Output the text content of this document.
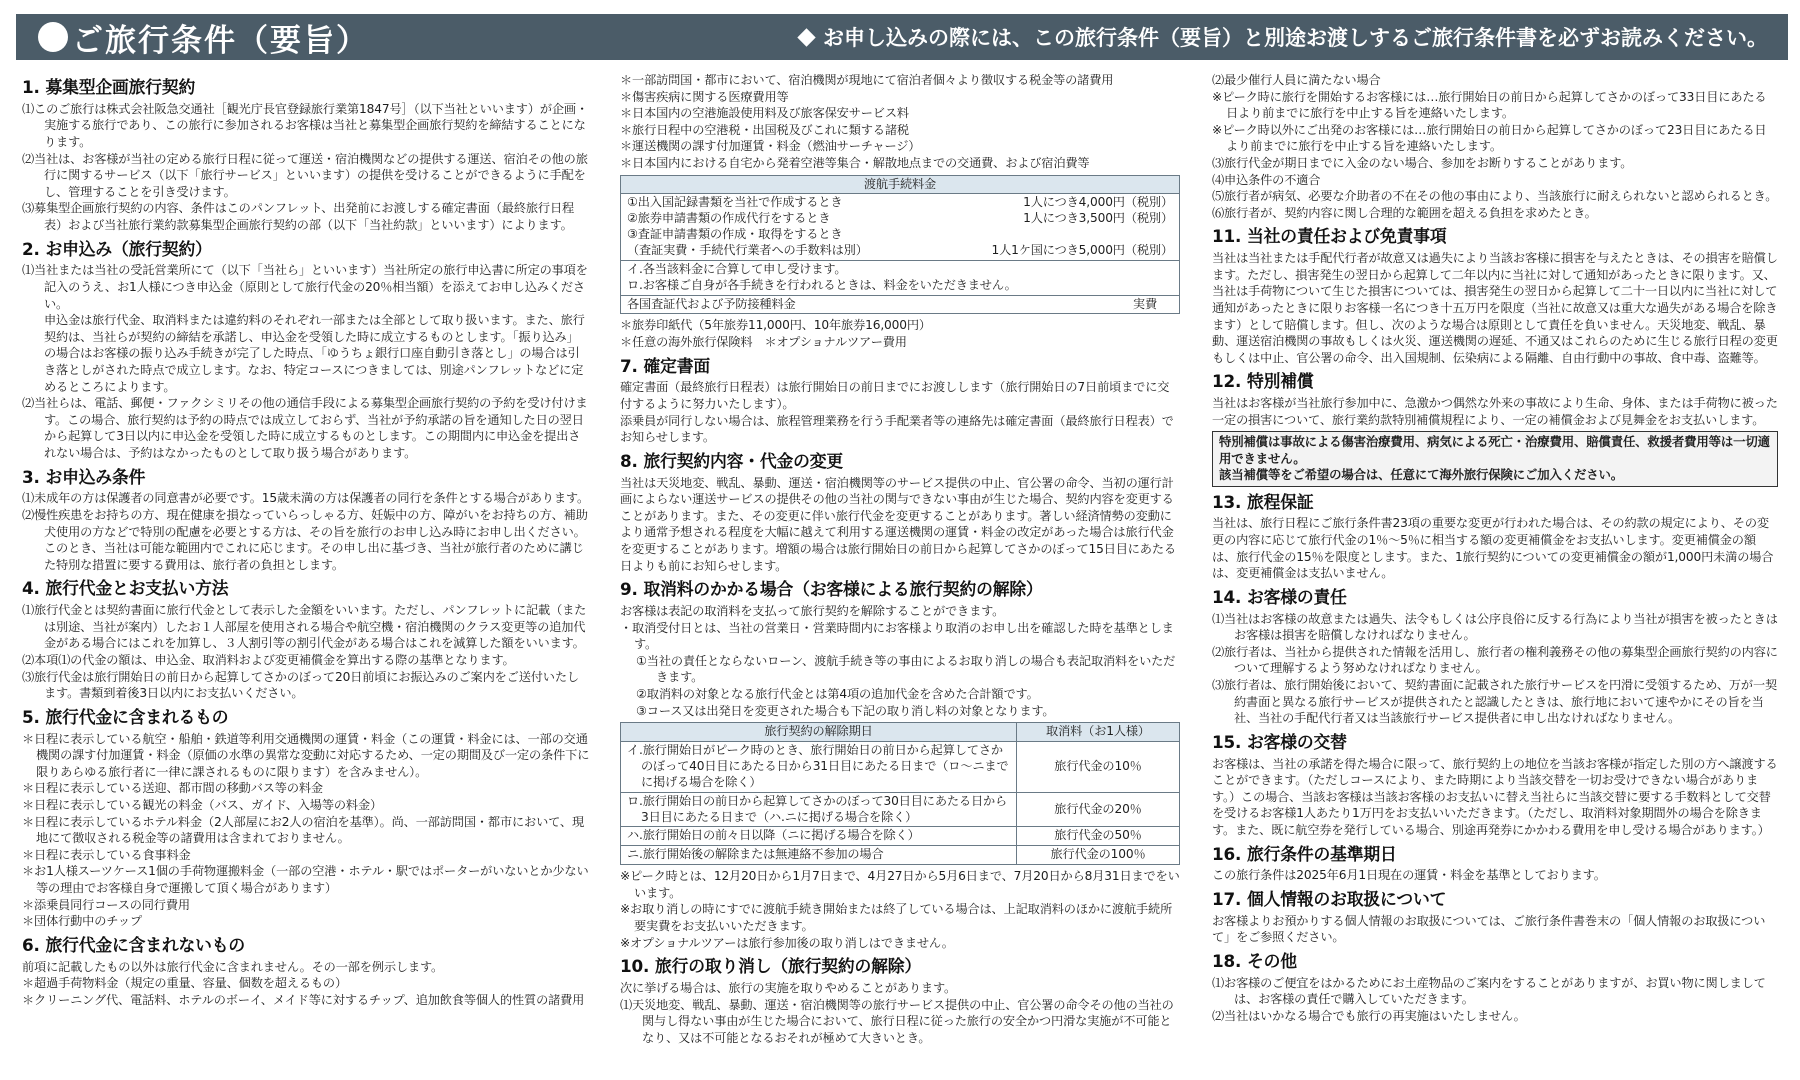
ご旅行条件（要旨）	お申し込みの際には、この旅行条件（要旨）と別途お渡しするご旅行条件書を必ずお読みください。
1. 募集型企画旅行契約

⑴このご旅行は株式会社阪急交通社［観光庁長官登録旅行業第1847号］（以下当社といいます）が企画・実施する旅行であり、この旅行に参加されるお客様は当社と募集型企画旅行契約を締結することになります。

⑵当社は、お客様が当社の定める旅行日程に従って運送・宿泊機関などの提供する運送、宿泊その他の旅行に関するサービス（以下「旅行サービス」といいます）の提供を受けることができるように手配をし、管理することを引き受けます。

⑶募集型企画旅行契約の内容、条件はこのパンフレット、出発前にお渡しする確定書面（最終旅行日程表）および当社旅行業約款募集型企画旅行契約の部（以下「当社約款」といいます）によります。

2. お申込み（旅行契約）

⑴当社または当社の受託営業所にて（以下「当社ら」といいます）当社所定の旅行申込書に所定の事項を記入のうえ、お1人様につき申込金（原則として旅行代金の20％相当額）を添えてお申し込みください。

申込金は旅行代金、取消料または違約料のそれぞれ一部または全部として取り扱います。また、旅行契約は、当社らが契約の締結を承諾し、申込金を受領した時に成立するものとします。「振り込み」の場合はお客様の振り込み手続きが完了した時点、「ゆうちょ銀行口座自動引き落とし」の場合は引き落としがされた時点で成立します。なお、特定コースにつきましては、別途パンフレットなどに定めるところによります。

⑵当社らは、電話、郵便・ファクシミリその他の通信手段による募集型企画旅行契約の予約を受け付けます。この場合、旅行契約は予約の時点では成立しておらず、当社が予約承諾の旨を通知した日の翌日から起算して3日以内に申込金を受領した時に成立するものとします。この期間内に申込金を提出されない場合は、予約はなかったものとして取り扱う場合があります。

3. お申込み条件

⑴未成年の方は保護者の同意書が必要です。15歳未満の方は保護者の同行を条件とする場合があります。

⑵慢性疾患をお持ちの方、現在健康を損なっていらっしゃる方、妊娠中の方、障がいをお持ちの方、補助犬使用の方などで特別の配慮を必要とする方は、その旨を旅行のお申し込み時にお申し出ください。このとき、当社は可能な範囲内でこれに応じます。その申し出に基づき、当社が旅行者のために講じた特別な措置に要する費用は、旅行者の負担とします。

4. 旅行代金とお支払い方法

⑴旅行代金とは契約書面に旅行代金として表示した金額をいいます。ただし、パンフレットに記載（または別途、当社が案内）したお１人部屋を使用される場合や航空機・宿泊機関のクラス変更等の追加代金がある場合にはこれを加算し、３人割引等の割引代金がある場合はこれを減算した額をいいます。

⑵本項⑴の代金の額は、申込金、取消料および変更補償金を算出する際の基準となります。

⑶旅行代金は旅行開始日の前日から起算してさかのぼって20日前頃にお振込みのご案内をご送付いたします。書類到着後3日以内にお支払いください。

5. 旅行代金に含まれるもの

＊日程に表示している航空・船舶・鉄道等利用交通機関の運賃・料金（この運賃・料金には、一部の交通機関の課す付加運賃・料金（原価の水準の異常な変動に対応するため、一定の期間及び一定の条件下に限りあらゆる旅行者に一律に課されるものに限ります）を含みません）。

＊日程に表示している送迎、都市間の移動バス等の料金

＊日程に表示している観光の料金（バス、ガイド、入場等の料金）

＊日程に表示しているホテル料金（2人部屋にお2人の宿泊を基準）。尚、一部訪問国・都市において、現地にて徴収される税金等の諸費用は含まれておりません。

＊日程に表示している食事料金

＊お1人様スーツケース1個の手荷物運搬料金（一部の空港・ホテル・駅ではポーターがいないとか少ない等の理由でお客様自身で運搬して頂く場合があります）

＊添乗員同行コースの同行費用

＊団体行動中のチップ

6. 旅行代金に含まれないもの

前項に記載したもの以外は旅行代金に含まれません。その一部を例示します。

＊超過手荷物料金（規定の重量、容量、個数を超えるもの）

＊クリーニング代、電話料、ホテルのボーイ、メイド等に対するチップ、追加飲食等個人的性質の諸費用

＊一部訪問国・都市において、宿泊機関が現地にて宿泊者個々より徴収する税金等の諸費用

＊傷害疾病に関する医療費用等

＊日本国内の空港施設使用料及び旅客保安サービス料

＊旅行日程中の空港税・出国税及びこれに類する諸税

＊運送機関の課す付加運賃・料金（燃油サーチャージ）

＊日本国内における自宅から発着空港等集合・解散地点までの交通費、および宿泊費等

渡航手続料金

①出入国記録書類を当社で作成するとき	1人につき4,000円（税別）
②旅券申請書類の作成代行をするとき	1人につき3,500円（税別）
③査証申請書類の作成・取得をするとき
（査証実費・手続代行業者への手数料は別）	1人1ケ国につき5,000円（税別）

イ.各当該料金に合算して申し受けます。
ロ.お客様ご自身が各手続きを行われるときは、料金をいただきません。

各国査証代および予防接種料金	実費

＊旅券印紙代（5年旅券11,000円、10年旅券16,000円）

＊任意の海外旅行保険料　＊オプショナルツアー費用

7. 確定書面

確定書面（最終旅行日程表）は旅行開始日の前日までにお渡しします（旅行開始日の7日前頃までに交付するように努力いたします）。

添乗員が同行しない場合は、旅程管理業務を行う手配業者等の連絡先は確定書面（最終旅行日程表）でお知らせします。

8. 旅行契約内容・代金の変更

当社は天災地変、戦乱、暴動、運送・宿泊機関等のサービス提供の中止、官公署の命令、当初の運行計画によらない運送サービスの提供その他の当社の関与できない事由が生じた場合、契約内容を変更することがあります。また、その変更に伴い旅行代金を変更することがあります。著しい経済情勢の変動により通常予想される程度を大幅に越えて利用する運送機関の運賃・料金の改定があった場合は旅行代金を変更することがあります。増額の場合は旅行開始日の前日から起算してさかのぼって15日目にあたる日よりも前にお知らせします。

9. 取消料のかかる場合（お客様による旅行契約の解除）

お客様は表記の取消料を支払って旅行契約を解除することができます。

・取消受付日とは、当社の営業日・営業時間内にお客様より取消のお申し出を確認した時を基準とします。

①当社の責任とならないローン、渡航手続き等の事由によるお取り消しの場合も表記取消料をいただきます。

②取消料の対象となる旅行代金とは第4項の追加代金を含めた合計額です。

③コース又は出発日を変更された場合も下記の取り消し料の対象となります。

旅行契約の解除期日	取消料（お1人様）

イ.旅行開始日がピーク時のとき、旅行開始日の前日から起算してさかのぼって40日目にあたる日から31日目にあたる日まで（ロ～ニまでに掲げる場合を除く）	旅行代金の10％

ロ.旅行開始日の前日から起算してさかのぼって30日目にあたる日から3日目にあたる日まで（ハ.ニに掲げる場合を除く）	旅行代金の20％

ハ.旅行開始日の前々日以降（ニに掲げる場合を除く）	旅行代金の50％

ニ.旅行開始後の解除または無連絡不参加の場合	旅行代金の100％

※ピーク時とは、12月20日から1月7日まで、4月27日から5月6日まで、7月20日から8月31日までをいいます。

※お取り消しの時にすでに渡航手続き開始または終了している場合は、上記取消料のほかに渡航手続所要実費をお支払いいただきます。

※オプショナルツアーは旅行参加後の取り消しはできません。

10. 旅行の取り消し（旅行契約の解除）

次に挙げる場合は、旅行の実施を取りやめることがあります。

⑴天災地変、戦乱、暴動、運送・宿泊機関等の旅行サービス提供の中止、官公署の命令その他の当社の関与し得ない事由が生じた場合において、旅行日程に従った旅行の安全かつ円滑な実施が不可能となり、又は不可能となるおそれが極めて大きいとき。

⑵最少催行人員に満たない場合

※ピーク時に旅行を開始するお客様には…旅行開始日の前日から起算してさかのぼって33日目にあたる日より前までに旅行を中止する旨を連絡いたします。

※ピーク時以外にご出発のお客様には…旅行開始日の前日から起算してさかのぼって23日目にあたる日より前までに旅行を中止する旨を連絡いたします。

⑶旅行代金が期日までに入金のない場合、参加をお断りすることがあります。

⑷申込条件の不適合

⑸旅行者が病気、必要な介助者の不在その他の事由により、当該旅行に耐えられないと認められるとき。

⑹旅行者が、契約内容に関し合理的な範囲を超える負担を求めたとき。

11. 当社の責任および免責事項

当社は当社または手配代行者が故意又は過失により当該お客様に損害を与えたときは、その損害を賠償します。ただし、損害発生の翌日から起算して二年以内に当社に対して通知があったときに限ります。又、当社は手荷物について生じた損害については、損害発生の翌日から起算して二十一日以内に当社に対して通知があったときに限りお客様一名につき十五万円を限度（当社に故意又は重大な過失がある場合を除きます）として賠償します。但し、次のような場合は原則として責任を負いません。天災地変、戦乱、暴動、運送宿泊機関の事故もしくは火災、運送機関の遅延、不通又はこれらのために生じる旅行日程の変更もしくは中止、官公署の命令、出入国規制、伝染病による隔離、自由行動中の事故、食中毒、盗難等。

12. 特別補償

当社はお客様が当社旅行参加中に、急激かつ偶然な外来の事故により生命、身体、または手荷物に被った一定の損害について、旅行業約款特別補償規程により、一定の補償金および見舞金をお支払いします。

特別補償は事故による傷害治療費用、病気による死亡・治療費用、賠償責任、救援者費用等は一切適用できません。
該当補償等をご希望の場合は、任意にて海外旅行保険にご加入ください。
13. 旅程保証

当社は、旅行日程にご旅行条件書23項の重要な変更が行われた場合は、その約款の規定により、その変更の内容に応じて旅行代金の1％～5％に相当する額の変更補償金をお支払いします。変更補償金の額は、旅行代金の15％を限度とします。また、1旅行契約についての変更補償金の額が1,000円未満の場合は、変更補償金は支払いません。

14. お客様の責任

⑴当社はお客様の故意または過失、法令もしくは公序良俗に反する行為により当社が損害を被ったときはお客様は損害を賠償しなければなりません。

⑵旅行者は、当社から提供された情報を活用し、旅行者の権利義務その他の募集型企画旅行契約の内容について理解するよう努めなければなりません。

⑶旅行者は、旅行開始後において、契約書面に記載された旅行サービスを円滑に受領するため、万が一契約書面と異なる旅行サービスが提供されたと認識したときは、旅行地において速やかにその旨を当社、当社の手配代行者又は当該旅行サービス提供者に申し出なければなりません。

15. お客様の交替

お客様は、当社の承諾を得た場合に限って、旅行契約上の地位を当該お客様が指定した別の方へ譲渡することができます。（ただしコースにより、また時期により当該交替を一切お受けできない場合があります。）この場合、当該お客様は当該お客様のお支払いに替え当社らに当該交替に要する手数料として交替を受けるお客様1人あたり1万円をお支払いいただきます。（ただし、取消料対象期間外の場合を除きます。また、既に航空券を発行している場合、別途再発券にかかわる費用を申し受ける場合があります。）

16. 旅行条件の基準期日

この旅行条件は2025年6月1日現在の運賃・料金を基準としております。

17. 個人情報のお取扱について

お客様よりお預かりする個人情報のお取扱については、ご旅行条件書巻末の「個人情報のお取扱について」をご参照ください。

18. その他

⑴お客様のご便宜をはかるためにお土産物品のご案内をすることがありますが、お買い物に関しましては、お客様の責任で購入していただきます。

⑵当社はいかなる場合でも旅行の再実施はいたしません。
